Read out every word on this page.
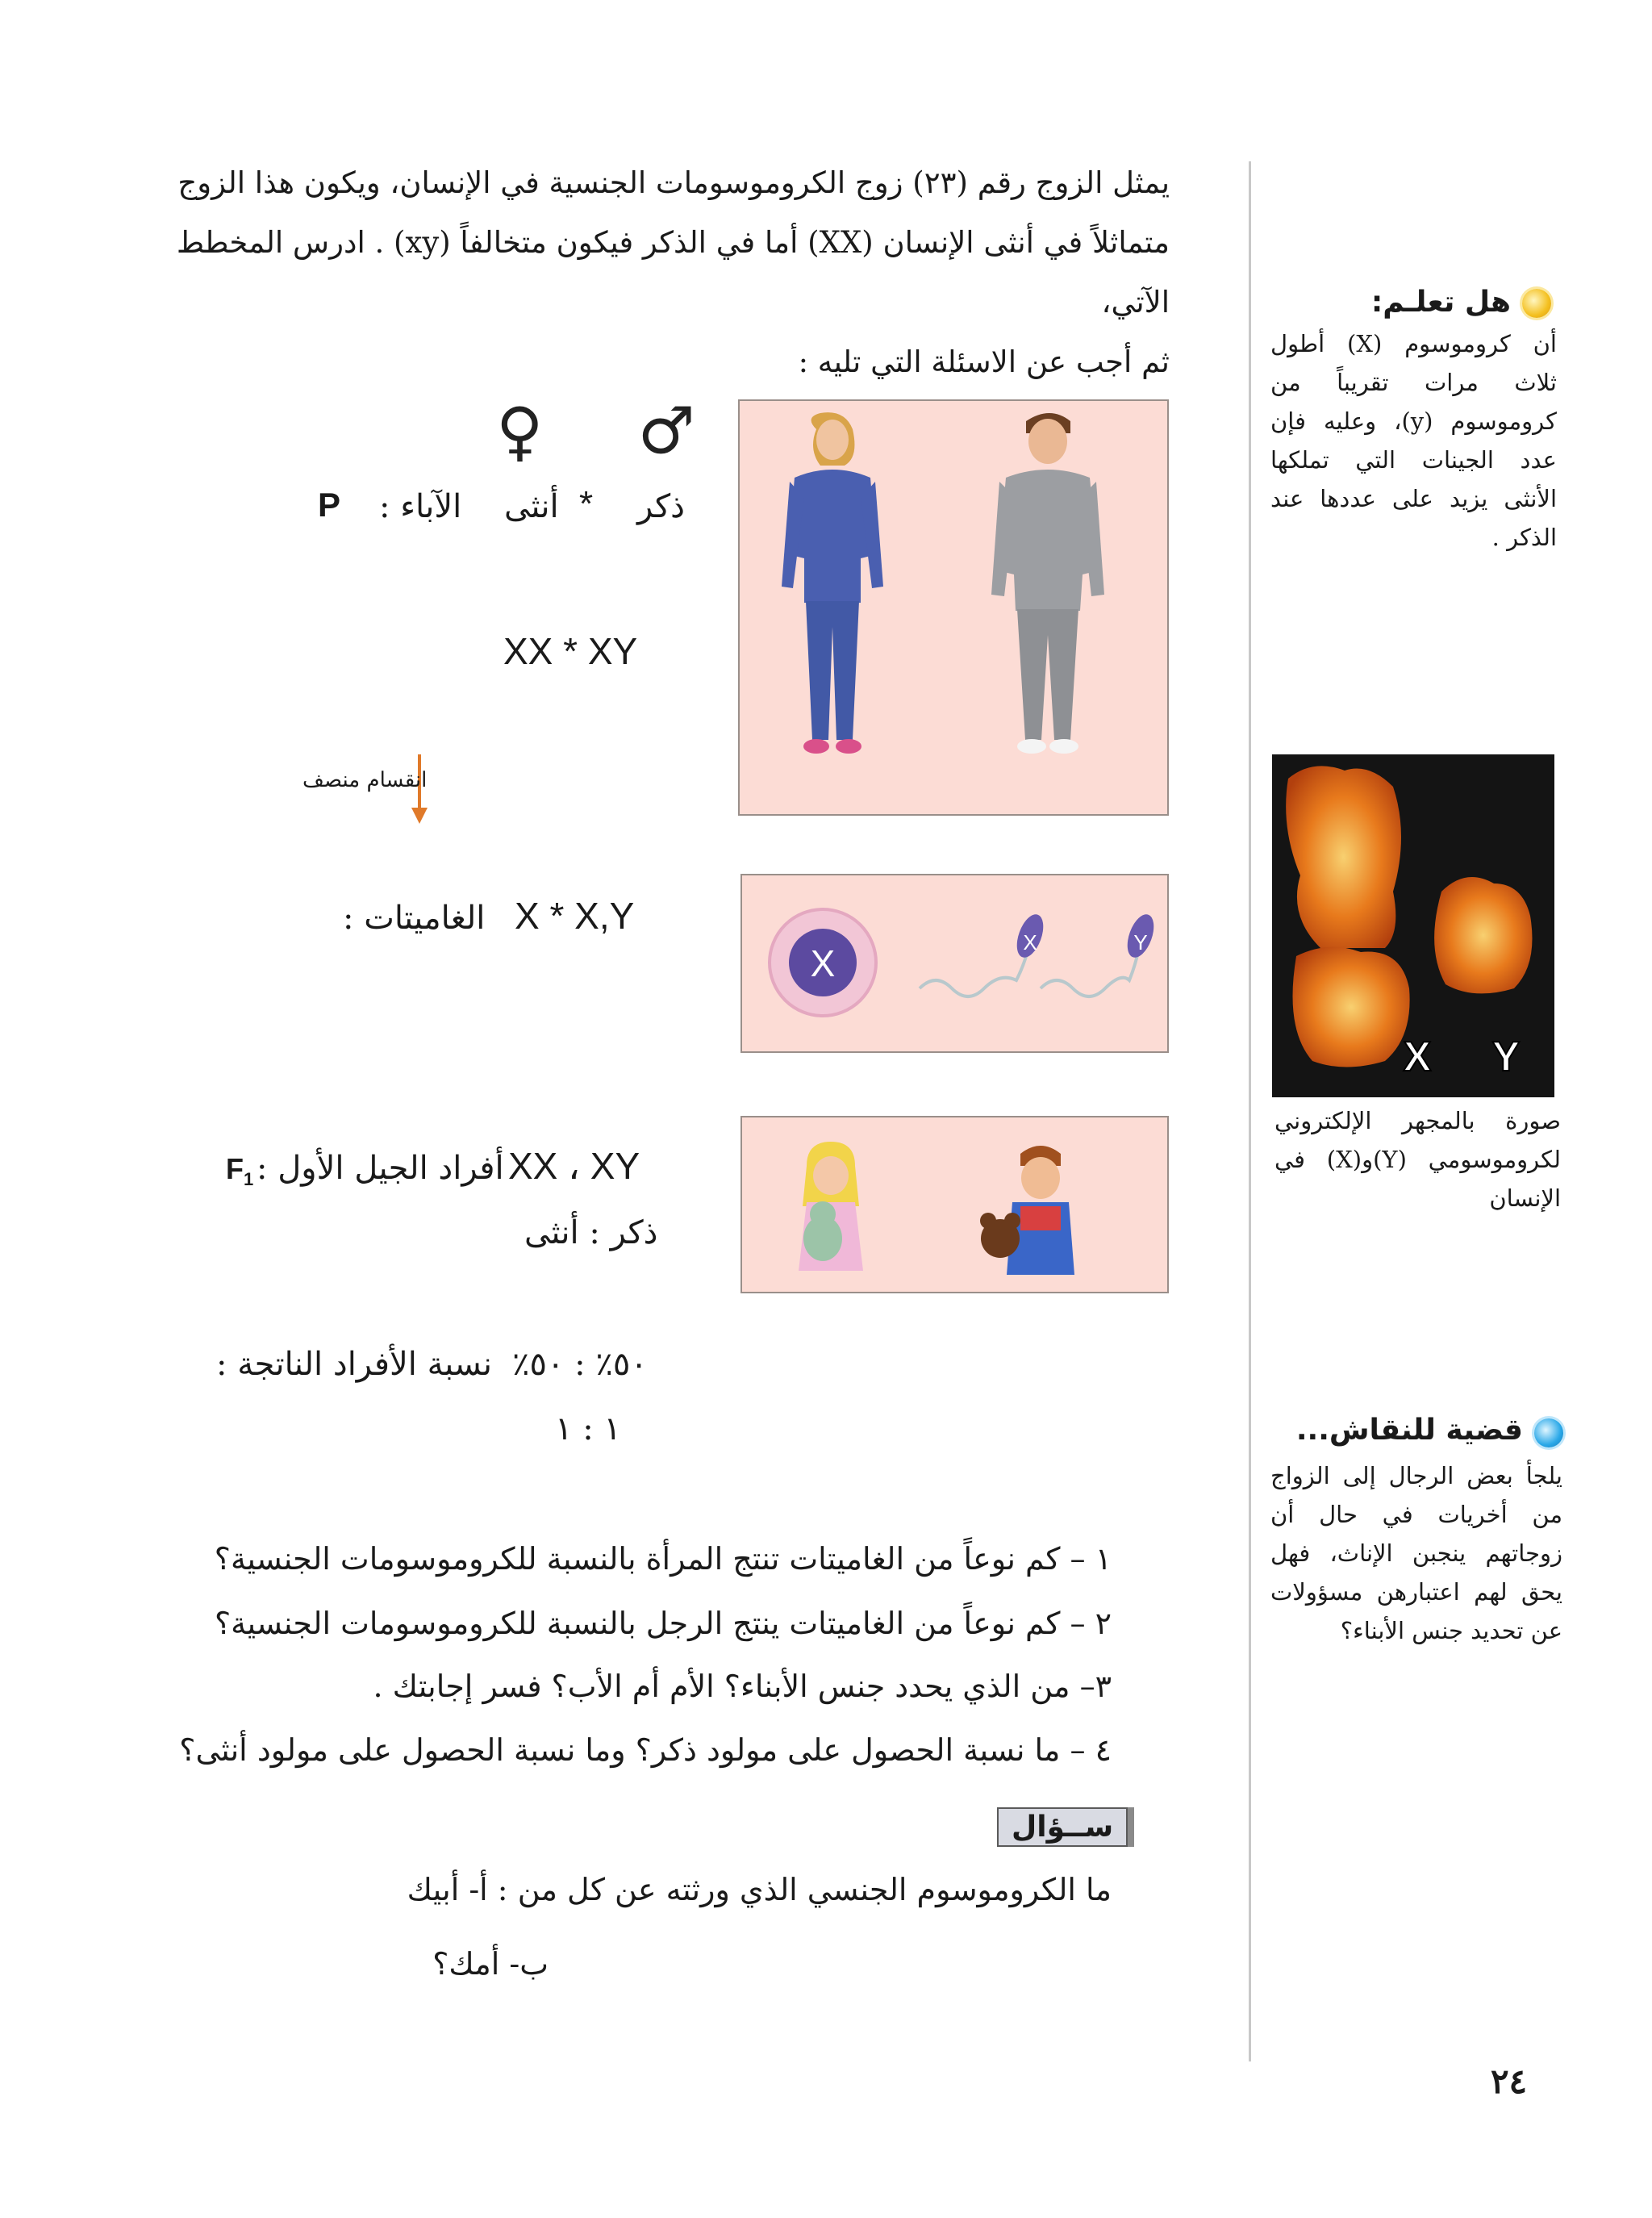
يمثل الزوج رقم (٢٣) زوج الكروموسومات الجنسية في الإنسان، ويكون هذا الزوج
متماثلاً في أنثى الإنسان (XX) أما في الذكر فيكون متخالفاً (xy) . ادرس المخطط الآتي،
ثم أجب عن الاسئلة التي تليه :
♂
♀
ذكر
*
أنثى
: الآباء
P
XX * XY
انقسام منصف
X * X,Y
: الغاميتات
X	X	Y
XX ، XY
: أفراد الجيل الأول
$F_1$
ذكر : أنثى
٥٠٪ : ٥٠٪
: نسبة الأفراد الناتجة
١ : ١
١ – كم نوعاً من الغاميتات تنتج المرأة بالنسبة للكروموسومات الجنسية؟
٢ – كم نوعاً من الغاميتات ينتج الرجل بالنسبة للكروموسومات الجنسية؟
٣– من الذي يحدد جنس الأبناء؟ الأم أم الأب؟ فسر إجابتك .
٤ – ما نسبة الحصول على مولود ذكر؟ وما نسبة الحصول على مولود أنثى؟
ســؤال
ما الكروموسوم الجنسي الذي ورثته عن كل من : أ- أبيك
ب- أمك؟
هل تعلـم:
أن كروموسوم (X) أطول ثلاث مرات تقريباً من كروموسوم (y)، وعليه فإن عدد الجينات التي تملكها الأنثى يزيد على عددها عند الذكر .
X Y
صورة بالمجهر الإلكتروني لكروموسومي (Y)و(X) في الإنسان
قضية للنقاش...
يلجأ بعض الرجال إلى الزواج من أخريات في حال أن زوجاتهم ينجبن الإناث، فهل يحق لهم اعتبارهن مسؤولات عن تحديد جنس الأبناء؟
٢٤
